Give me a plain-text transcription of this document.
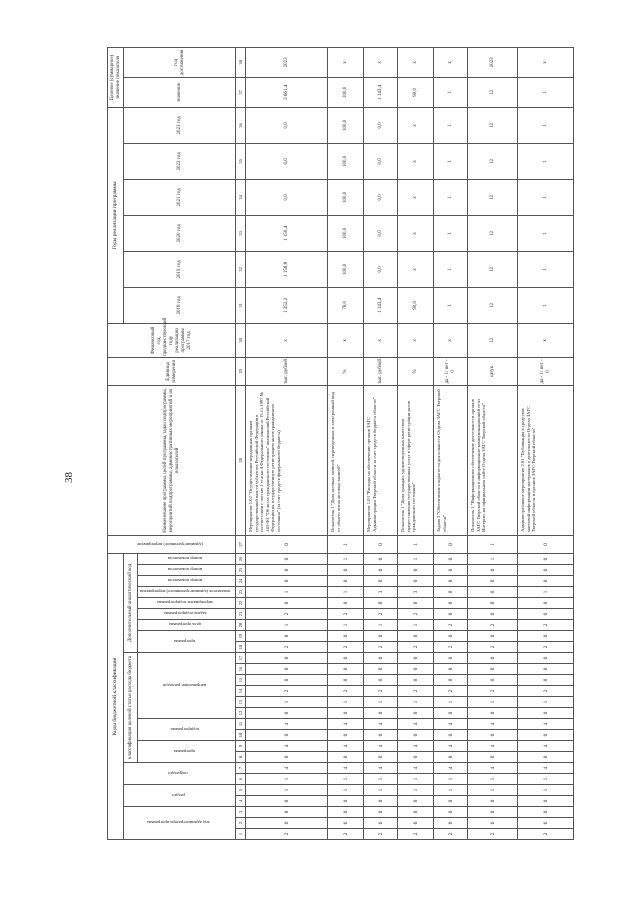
38
Коды бюджетной классификации																										(административное) мероприятие	Наименование программы, целей программы, задач подпрограммы, мероприятий подпрограммы, административных мероприятий и их показателей	Единица измерения	Финансовый год, предшествующий году реализации программы 2017 год	Годы реализации программы						Целевое (суммарное) значение показателя	
код администратора программы			раздел		подраздел		классификация целевой статьи расхода бюджета										Дополнительный аналитический код													2018 год	2019 год	2020 год	2021 год	2022 год	2023 год	значение	год достижения
							программа		подпрограмма		направление расходов						программа		цель программы	задача подпрограммы	мероприятие подпрограммы	показатель (административного) мероприятия	номер показателя	номер показателя	номер показателя												
1	2	3	4	5	6	7	8	9	10	11	12	13	14	15	16	17	18	19	20	21	22	23	24	25	26	27	28	29	30	31	32	33	34	35	36	37	38
2	6	0	0	1	1	4	0	4	0	4	0	1	2	0	0	0	2	0	1	2	0	1	0	0	0	0	Мероприятие 1.02 "Осуществление переданных органам государственной власти субъектов Российской Федерации в соответствии с частью 1 статьи 4 Федерального закона от 15.11.1997 № 143-ФЗ "Об актах гражданского состояния" полномочий Российской Федерации на государственную регистрацию актов гражданского состояния" (за счет средств федерального бюджета)	тыс. рублей	х	1 352,2	1 158,8	1 150,4	0,0	0,0	0,0	3 661,4	2023
2	6	0	0	1	1	4	0	4	0	4	0	1	2	0	0	0	2	0	1	2	0	1	0	0	1	1	Показатель 1 "Доля актовых записей, переведенных в электронный вид от общего числа актовых записей"	%	х	76,0	100,0	100,0	100,0	100,0	100,0	100,0	х
2	6	0	0	1	1	4	0	4	0	4	0	1	2	0	0	0	2	0	1	2	0	3	0	0	0	0	Мероприятие 1.03 "Расходы на обеспечение органов ЗАГС Администрации Тверской области за счет средств бюджета области"	тыс. рублей	х	1 143,4	0,0	0,0	0,0	0,0	0,0	1 143,4	х
2	6	0	0	1	1	4	0	4	0	4	0	1	2	0	0	0	2	0	1	2	0	3	0	0	1	1	Показатель 1 "Доля граждан, удовлетворенных качеством предоставления государственных услуг в сфере регистрации актов гражданского состояния"	%	х	90,0	х	х	х	х	х	90,0	х
2	6	0	0	1	1	4	0	4	0	4	0	1	2	0	0	0	2	0	2	0	0	0	0	0	0	0	Задача 2 "Обеспечение открытости деятельности Отдела ЗАГС Тверской области"	да - 1/ нет - 0	х	1	1	1	1	1	1	1	х
2	6	0	0	1	1	4	0	4	0	4	0	1	2	0	0	0	2	0	2	0	0	0	0	0	1	1	Показатель 1 "Информационное обеспечение деятельности органов ЗАГС Тверской области в информационно-коммуникационной сети Интернет на официальном сайте Отдела ЗАГС Тверской области"	штук	12	12	12	12	12	12	12	12	2023
2	6	0	0	1	1	4	0	4	0	4	0	1	2	0	0	0	2	0	2	0	0	1	0	0	0	0	Административное мероприятие 2.01 "Публикация в средствах массовой информации материалов о деятельности Отдела ЗАГС Тверской области и органов ЗАГС Тверской области"	да - 1/ нет - 0	х	1	1	1	1	1	1	1	х
